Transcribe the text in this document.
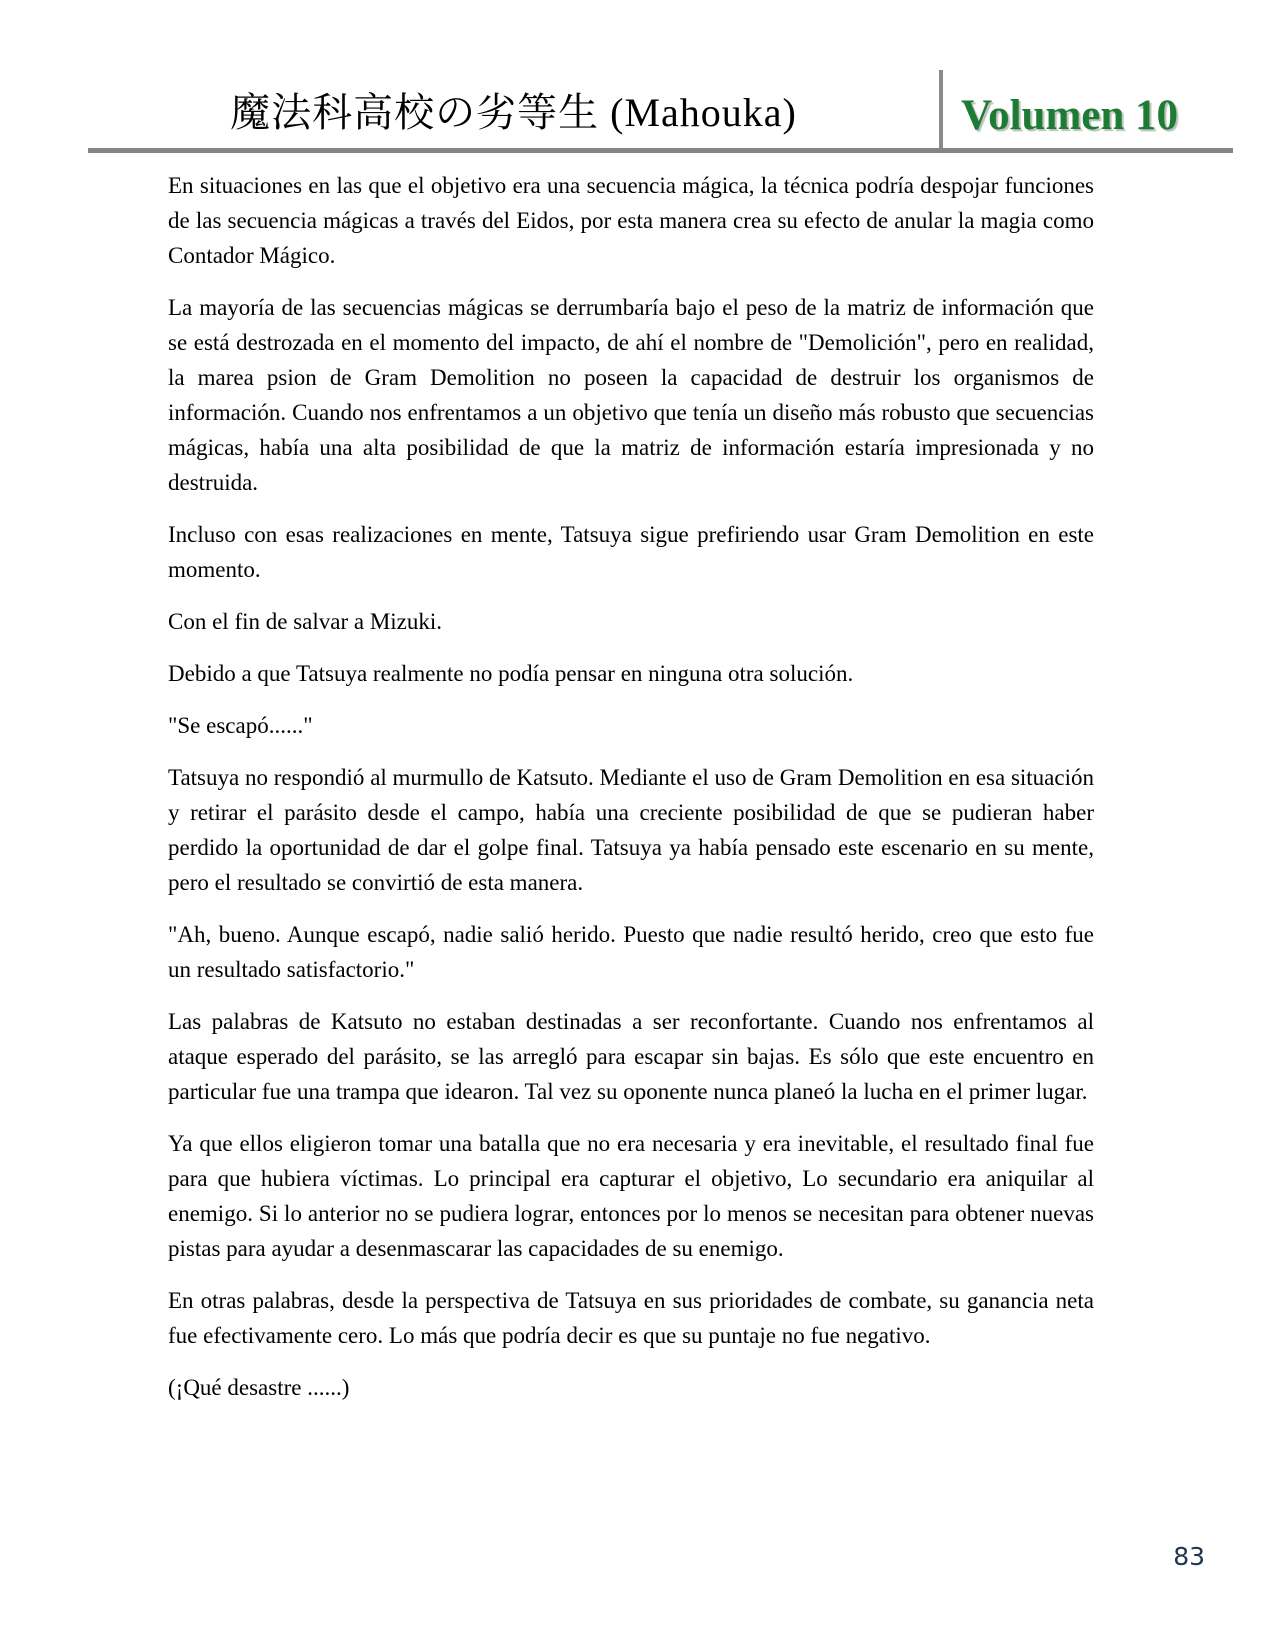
魔法科高校の劣等生 (Mahouka)	Volumen 10

En situaciones en las que el objetivo era una secuencia mágica, la técnica podría despojar funciones de las secuencia mágicas a través del Eidos, por esta manera crea su efecto de anular la magia como Contador Mágico.

La mayoría de las secuencias mágicas se derrumbaría bajo el peso de la matriz de información que se está destrozada en el momento del impacto, de ahí el nombre de "Demolición", pero en realidad, la marea psion de Gram Demolition no poseen la capacidad de destruir los organismos de información. Cuando nos enfrentamos a un objetivo que tenía un diseño más robusto que secuencias mágicas, había una alta posibilidad de que la matriz de información estaría impresionada y no destruida.

Incluso con esas realizaciones en mente, Tatsuya sigue prefiriendo usar Gram Demolition en este momento.

Con el fin de salvar a Mizuki.

Debido a que Tatsuya realmente no podía pensar en ninguna otra solución.

"Se escapó......"

Tatsuya no respondió al murmullo de Katsuto. Mediante el uso de Gram Demolition en esa situación y retirar el parásito desde el campo, había una creciente posibilidad de que se pudieran haber perdido la oportunidad de dar el golpe final. Tatsuya ya había pensado este escenario en su mente, pero el resultado se convirtió de esta manera.

"Ah, bueno. Aunque escapó, nadie salió herido. Puesto que nadie resultó herido, creo que esto fue un resultado satisfactorio."

Las palabras de Katsuto no estaban destinadas a ser reconfortante. Cuando nos enfrentamos al ataque esperado del parásito, se las arregló para escapar sin bajas. Es sólo que este encuentro en particular fue una trampa que idearon. Tal vez su oponente nunca planeó la lucha en el primer lugar.

Ya que ellos eligieron tomar una batalla que no era necesaria y era inevitable, el resultado final fue para que hubiera víctimas. Lo principal era capturar el objetivo, Lo secundario era aniquilar al enemigo. Si lo anterior no se pudiera lograr, entonces por lo menos se necesitan para obtener nuevas pistas para ayudar a desenmascarar las capacidades de su enemigo.

En otras palabras, desde la perspectiva de Tatsuya en sus prioridades de combate, su ganancia neta fue efectivamente cero. Lo más que podría decir es que su puntaje no fue negativo.

(¡Qué desastre ......)

83
